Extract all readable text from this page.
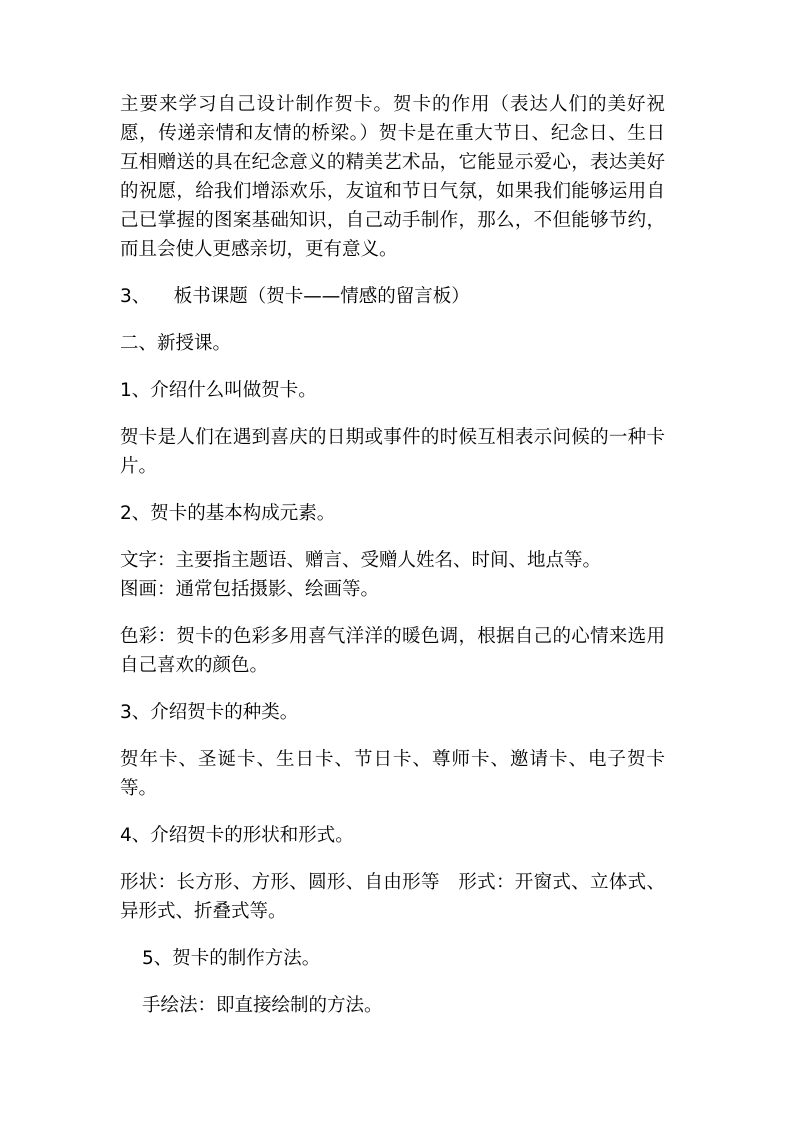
主要来学习自己设计制作贺卡。贺卡的作用（表达人们的美好祝愿，传递亲情和友情的桥梁。）贺卡是在重大节日、纪念日、生日互相赠送的具在纪念意义的精美艺术品，它能显示爱心，表达美好的祝愿，给我们增添欢乐，友谊和节日气氛，如果我们能够运用自己已掌握的图案基础知识，自己动手制作，那么，不但能够节约，而且会使人更感亲切，更有意义。

3、    板书课题（贺卡——情感的留言板）

二、新授课。

1、介绍什么叫做贺卡。

贺卡是人们在遇到喜庆的日期或事件的时候互相表示问候的一种卡片。

2、贺卡的基本构成元素。

文字：主要指主题语、赠言、受赠人姓名、时间、地点等。

图画：通常包括摄影、绘画等。

色彩：贺卡的色彩多用喜气洋洋的暖色调，根据自己的心情来选用自己喜欢的颜色。

3、介绍贺卡的种类。

贺年卡、圣诞卡、生日卡、节日卡、尊师卡、邀请卡、电子贺卡等。

4、介绍贺卡的形状和形式。

形状：长方形、方形、圆形、自由形等   形式：开窗式、立体式、异形式、折叠式等。

5、贺卡的制作方法。

手绘法：即直接绘制的方法。
